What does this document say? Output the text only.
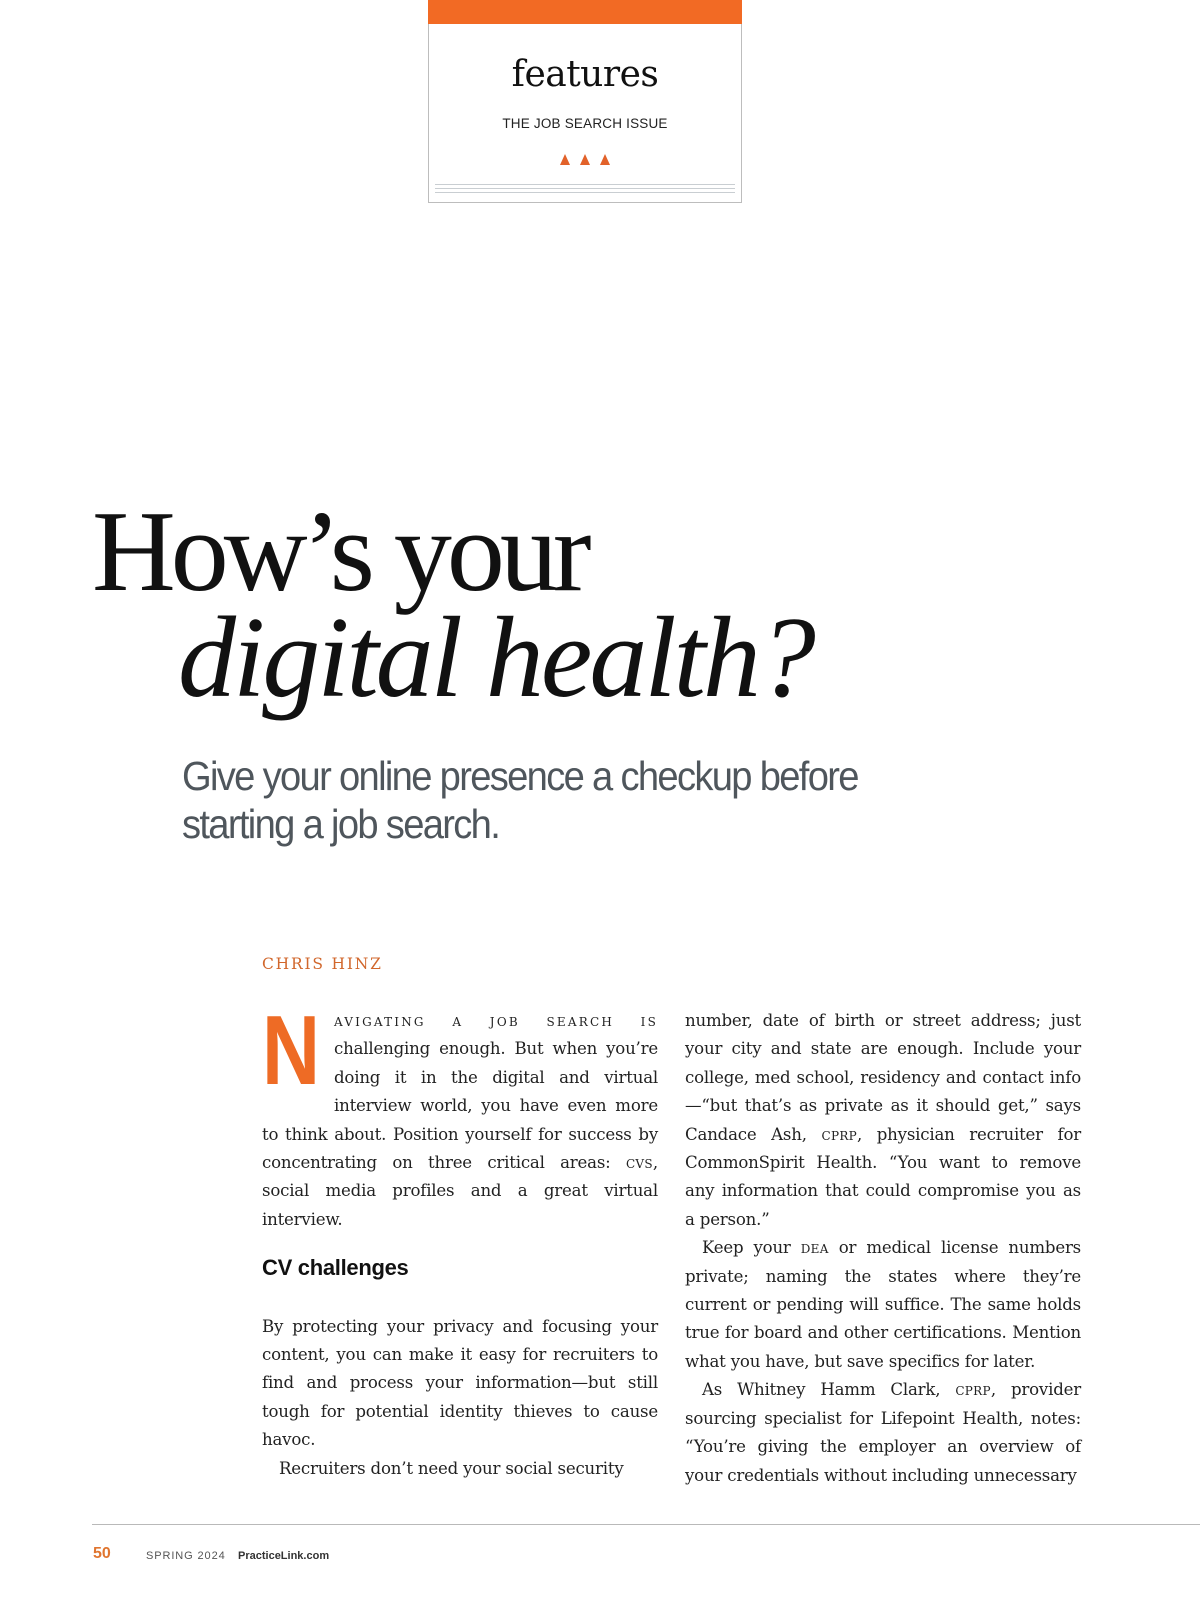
features
THE JOB SEARCH ISSUE
How’s your
digital health?

Give your online presence a checkup before starting a job search.

CHRIS HINZ

Navigating a job search is challenging enough. But when you’re doing it in the digital and virtual interview world, you have even more to think about. Position yourself for success by concentrating on three critical areas: cvs, social media profiles and a great virtual interview.

CV challenges

By protecting your privacy and focusing your content, you can make it easy for recruiters to find and process your information—but still tough for potential identity thieves to cause havoc.

Recruiters don’t need your social security

number, date of birth or street address; just your city and state are enough. Include your college, med school, residency and contact info—“but that’s as private as it should get,” says Candace Ash, cprp, physician recruiter for CommonSpirit Health. “You want to remove any information that could compromise you as a person.”

Keep your dea or medical license numbers private; naming the states where they’re current or pending will suffice. The same holds true for board and other certifications. Mention what you have, but save specifics for later.

As Whitney Hamm Clark, cprp, provider sourcing specialist for Lifepoint Health, notes: “You’re giving the employer an overview of your credentials without including unnecessary

50	SPRING 2024 PracticeLink.com
